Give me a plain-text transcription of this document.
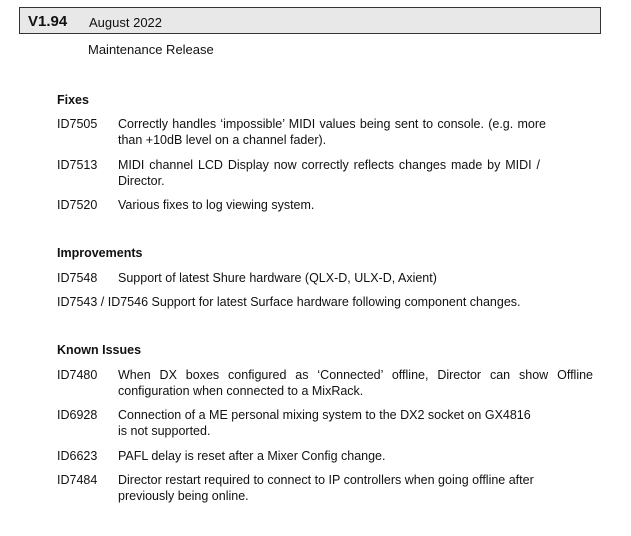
V1.94 August 2022
Maintenance Release
Fixes
ID7505 Correctly handles ‘impossible’ MIDI values being sent to console. (e.g. more than +10dB level on a channel fader).
ID7513 MIDI channel LCD Display now correctly reflects changes made by MIDI / Director.
ID7520 Various fixes to log viewing system.
Improvements
ID7548 Support of latest Shure hardware (QLX-D, ULX-D, Axient)
ID7543 / ID7546 Support for latest Surface hardware following component changes.
Known Issues
ID7480 When DX boxes configured as ‘Connected’ offline, Director can show Offline configuration when connected to a MixRack.
ID6928 Connection of a ME personal mixing system to the DX2 socket on GX4816 is not supported.
ID6623 PAFL delay is reset after a Mixer Config change.
ID7484 Director restart required to connect to IP controllers when going offline after previously being online.
